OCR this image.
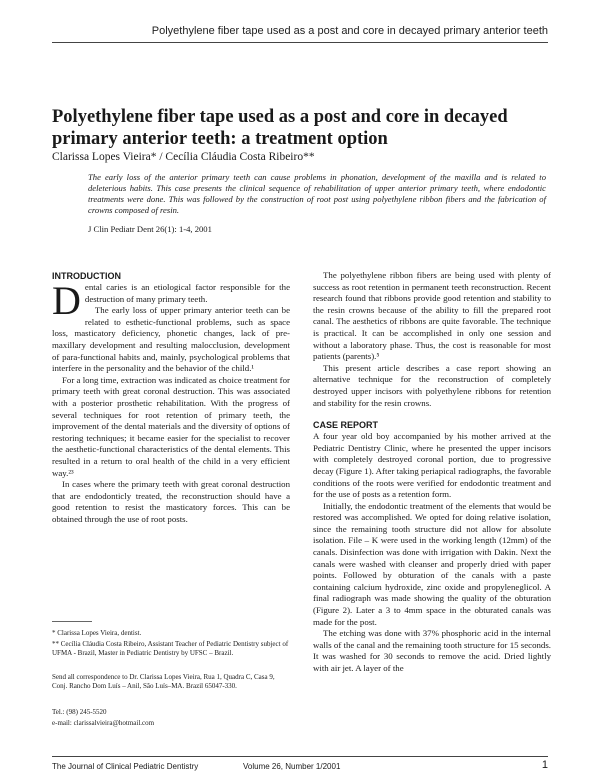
Polyethylene fiber tape used as a post and core in decayed primary anterior teeth
Polyethylene fiber tape used as a post and core in decayed primary anterior teeth: a treatment option
Clarissa Lopes Vieira* / Cecília Cláudia Costa Ribeiro**

The early loss of the anterior primary teeth can cause problems in phonation, development of the maxilla and is related to deleterious habits. This case presents the clinical sequence of rehabilitation of upper anterior primary teeth, where endodontic treatments were done. This was followed by the construction of root post using polyethylene ribbon fibers and the fabrication of crowns composed of resin.

J Clin Pediatr Dent 26(1): 1-4, 2001
INTRODUCTION

Dental caries is an etiological factor responsible for the destruction of many primary teeth.

The early loss of upper primary anterior teeth can be related to esthetic-functional problems, such as space loss, masticatory deficiency, phonetic changes, lack of pre-maxillary development and resulting malocclusion, development of para-functional habits and, mainly, psychological problems that interfere in the personality and the behavior of the child.¹

For a long time, extraction was indicated as choice treatment for primary teeth with great coronal destruction. This was associated with a posterior prosthetic rehabilitation. With the progress of several techniques for root retention of primary teeth, the improvement of the dental materials and the diversity of options of restoring techniques; it became easier for the specialist to recover the aesthetic-functional characteristics of the dental elements. This resulted in a return to oral health of the child in a very efficient way.²³

In cases where the primary teeth with great coronal destruction that are endodonticly treated, the reconstruction should have a good retention to resist the masticatory forces. This can be obtained through the use of root posts.

* Clarissa Lopes Vieira, dentist.

** Cecília Cláudia Costa Ribeiro, Assistant Teacher of Pediatric Dentistry subject of UFMA - Brazil, Master in Pediatric Dentistry by UFSC – Brazil.

Send all correspondence to Dr. Clarissa Lopes Vieira, Rua 1, Quadra C, Casa 9, Conj. Rancho Dom Luís – Anil, São Luís–MA. Brazil 65047-330.

Tel.: (98) 245-5520

e-mail: clarissalvieira@hotmail.com

The polyethylene ribbon fibers are being used with plenty of success as root retention in permanent teeth reconstruction. Recent research found that ribbons provide good retention and stability to the resin crowns because of the ability to fill the prepared root canal. The aesthetics of ribbons are quite favorable. The technique is practical. It can be accomplished in only one session and without a laboratory phase. Thus, the cost is reasonable for most patients (parents).⁵

This present article describes a case report showing an alternative technique for the reconstruction of completely destroyed upper incisors with polyethylene ribbons for retention and stability for the resin crowns.

CASE REPORT

A four year old boy accompanied by his mother arrived at the Pediatric Dentistry Clinic, where he presented the upper incisors with completely destroyed coronal portion, due to progressive decay (Figure 1). After taking periapical radiographs, the favorable conditions of the roots were verified for endodontic treatment and for the use of posts as a retention form.

Initially, the endodontic treatment of the elements that would be restored was accomplished. We opted for doing relative isolation, since the remaining tooth structure did not allow for absolute isolation. File – K were used in the working length (12mm) of the canals. Disinfection was done with irrigation with Dakin. Next the canals were washed with cleanser and properly dried with paper points. Followed by obturation of the canals with a paste containing calcium hydroxide, zinc oxide and propyleneglicol. A final radiograph was made showing the quality of the obturation (Figure 2). Later a 3 to 4mm space in the obturated canals was made for the post.

The etching was done with 37% phosphoric acid in the internal walls of the canal and the remaining tooth structure for 15 seconds. It was washed for 30 seconds to remove the acid. Dried lightly with air jet. A layer of the

The Journal of Clinical Pediatric Dentistry	Volume 26, Number 1/2001	1
